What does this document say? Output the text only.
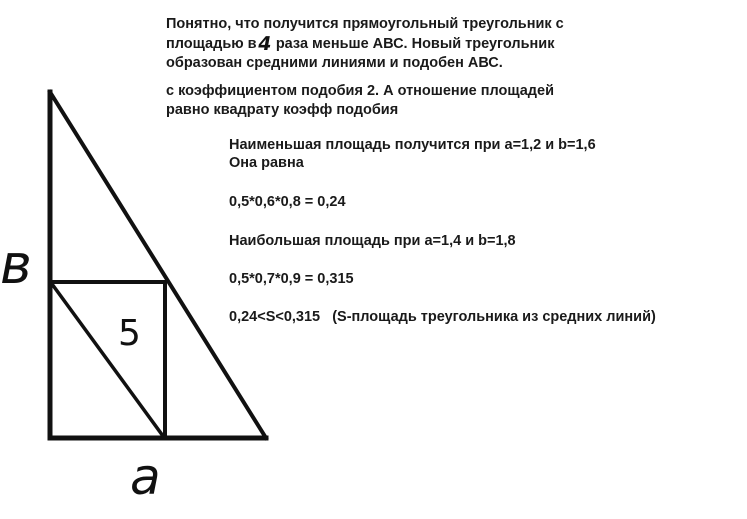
в
a
5
Понятно, что получится прямоугольный треугольник с
площадью в4 раза меньше АВС. Новый треугольник
образован средними линиями и подобен АВС.
с коэффициентом подобия 2. А отношение площадей
равно квадрату коэфф подобия
Наименьшая площадь получится при a=1,2 и b=1,6
Она равна
0,5*0,6*0,8 = 0,24
Наибольшая площадь при a=1,4 и b=1,8
0,5*0,7*0,9 = 0,315
0,24<S<0,315   (S-площадь треугольника из средних линий)
